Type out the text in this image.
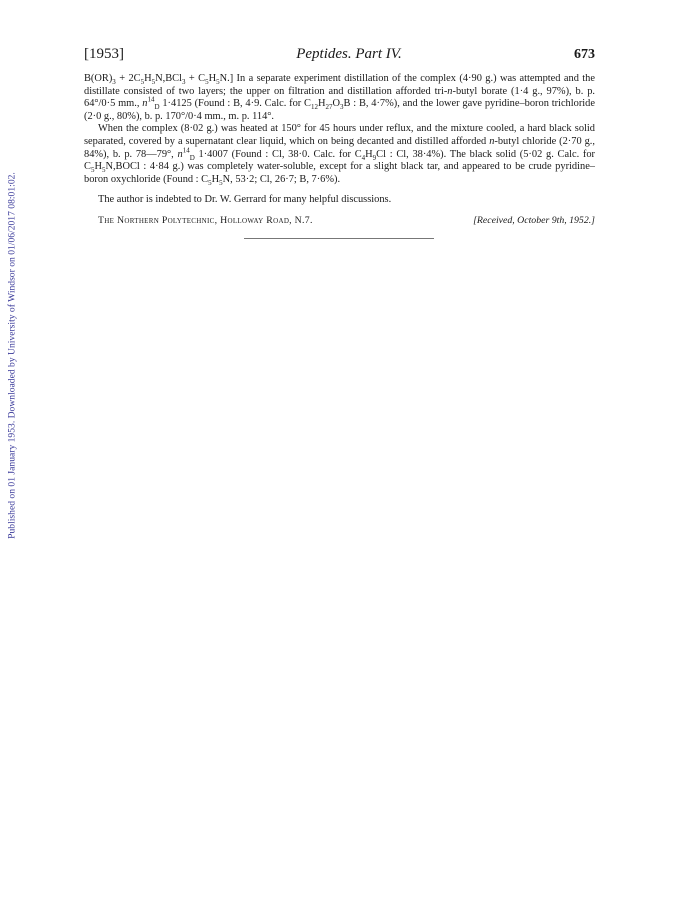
Published on 01 January 1953. Downloaded by University of Windsor on 01/06/2017 08:01:02.
[1953]	Peptides. Part IV.	673

$B(OR)_3 + 2C_5H_5N,BCl_3 + C_5H_5N$.] In a separate experiment distillation of the complex (4·90 g.) was attempted and the distillate consisted of two layers; the upper on filtration and distillation afforded tri-n-butyl borate (1·4 g., 97%), b. p. 64°/0·5 mm., $n^{14}_D$ 1·4125 (Found : B, 4·9. Calc. for $C_{12}H_{27}O_3B$ : B, 4·7%), and the lower gave pyridine–boron trichloride (2·0 g., 80%), b. p. 170°/0·4 mm., m. p. 114°.

When the complex (8·02 g.) was heated at 150° for 45 hours under reflux, and the mixture cooled, a hard black solid separated, covered by a supernatant clear liquid, which on being decanted and distilled afforded n-butyl chloride (2·70 g., 84%), b. p. 78—79°, $n^{14}_D$ 1·4007 (Found : Cl, 38·0. Calc. for $C_4H_9Cl$ : Cl, 38·4%). The black solid (5·02 g. Calc. for $C_5H_5N,BOCl$ : 4·84 g.) was completely water-soluble, except for a slight black tar, and appeared to be crude pyridine–boron oxychloride (Found : $C_5H_5N$, 53·2; Cl, 26·7; B, 7·6%).

The author is indebted to Dr. W. Gerrard for many helpful discussions.

The Northern Polytechnic, Holloway Road, N.7.	[Received, October 9th, 1952.]
